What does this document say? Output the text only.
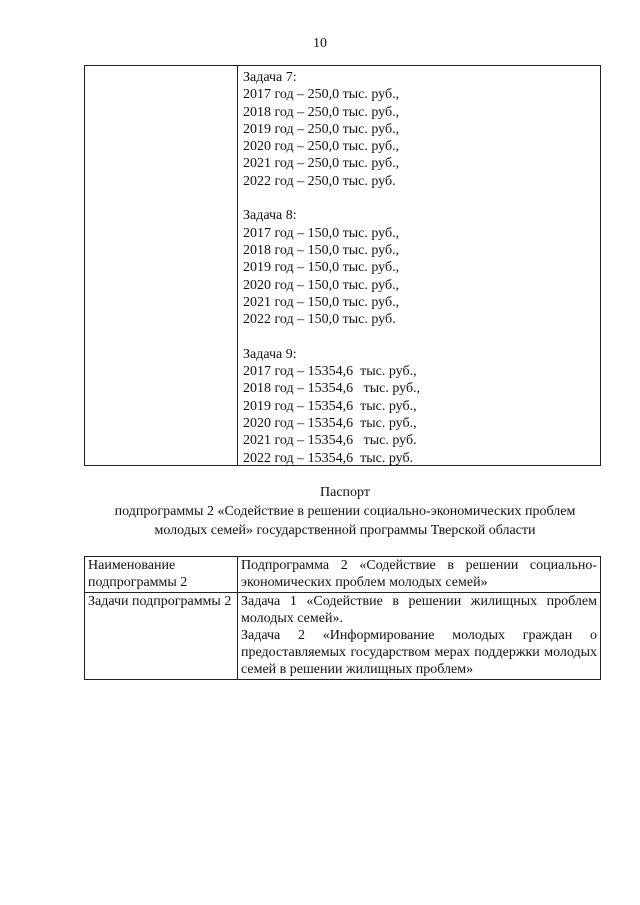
10
Задача 7:
2017 год – 250,0 тыс. руб.,
2018 год – 250,0 тыс. руб.,
2019 год – 250,0 тыс. руб.,
2020 год – 250,0 тыс. руб.,
2021 год – 250,0 тыс. руб.,
2022 год – 250,0 тыс. руб.
Задача 8:
2017 год – 150,0 тыс. руб.,
2018 год – 150,0 тыс. руб.,
2019 год – 150,0 тыс. руб.,
2020 год – 150,0 тыс. руб.,
2021 год – 150,0 тыс. руб.,
2022 год – 150,0 тыс. руб.
Задача 9:
2017 год – 15354,6  тыс. руб.,
2018 год – 15354,6   тыс. руб.,
2019 год – 15354,6  тыс. руб.,
2020 год – 15354,6  тыс. руб.,
2021 год – 15354,6   тыс. руб.
2022 год – 15354,6  тыс. руб.
Паспорт
подпрограммы 2 «Содействие в решении социально-экономических проблем
молодых семей» государственной программы Тверской области
Наименование подпрограммы 2	Подпрограмма 2 «Содействие в решении социально-экономических проблем молодых семей»
Задачи подпрограммы 2	Задача 1 «Содействие в решении жилищных проблем молодых семей».

Задача 2 «Информирование молодых граждан о предоставляемых государством мерах поддержки молодых семей в решении жилищных проблем»
